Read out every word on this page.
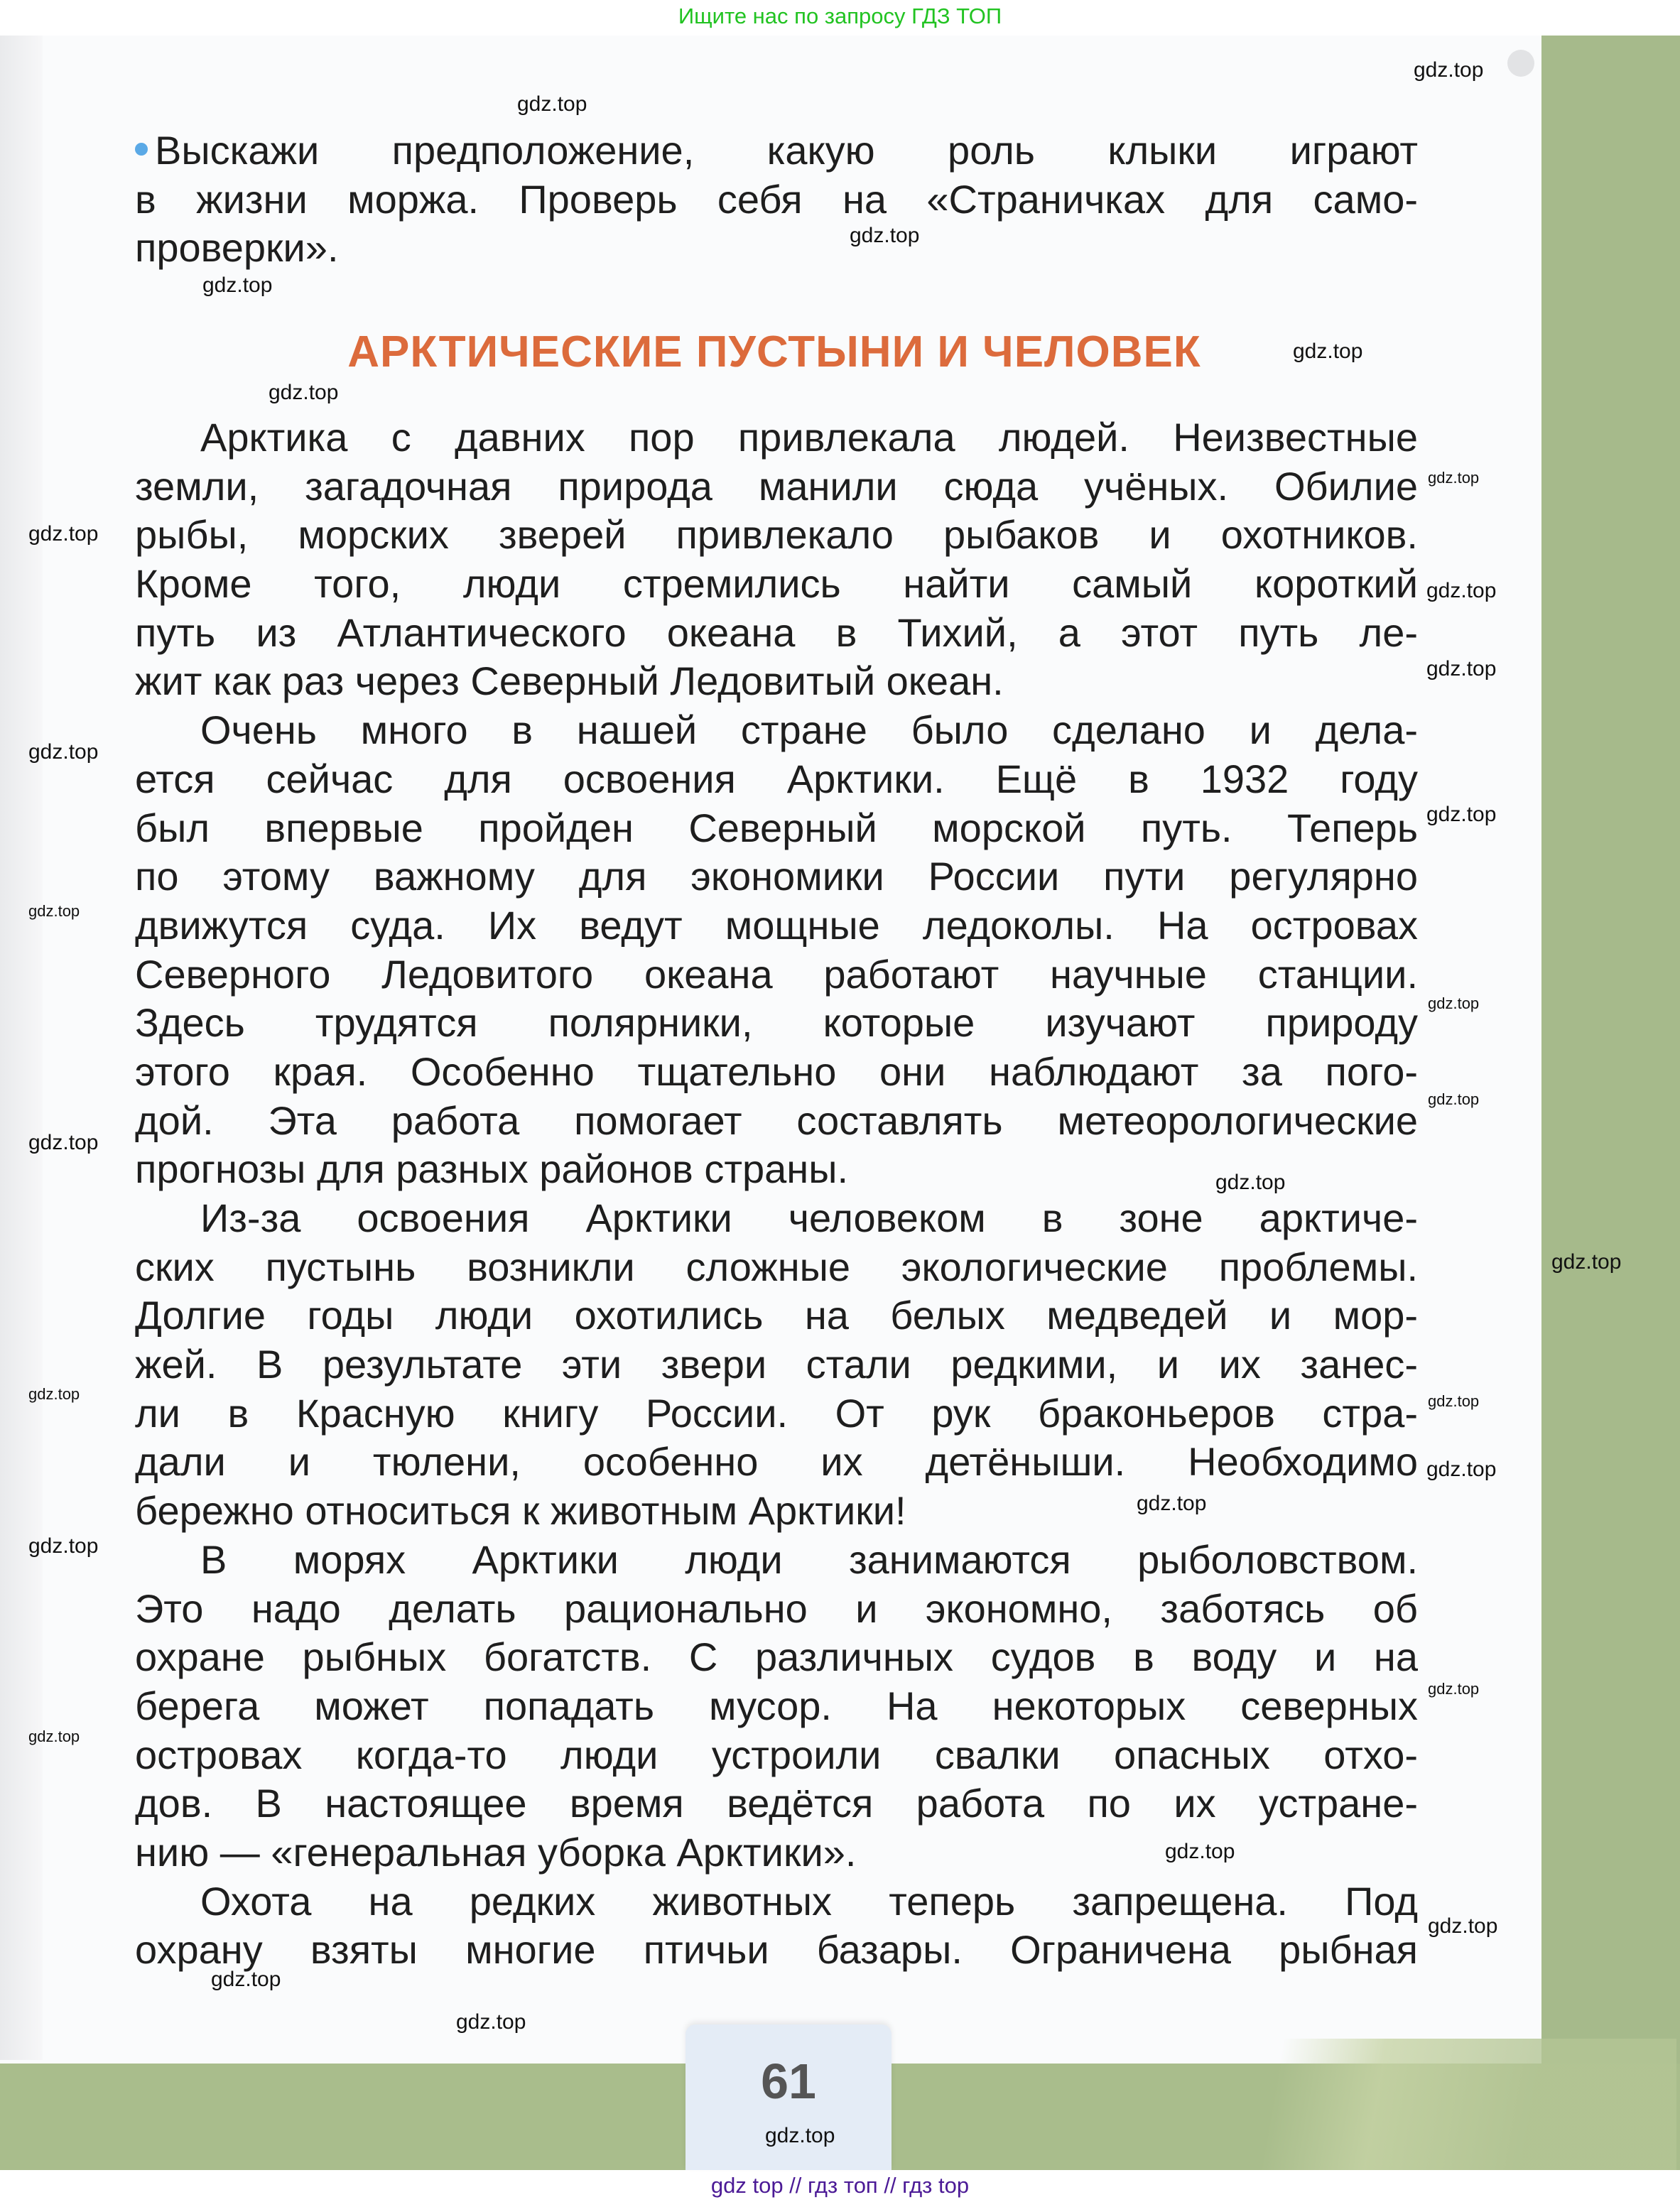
Ищите нас по запросу ГДЗ ТОП
Выскажи предположение, какую роль клыки играют
в жизни моржа. Проверь себя на «Страничках для само-
проверки».
АРКТИЧЕСКИЕ ПУСТЫНИ И ЧЕЛОВЕК
Арктика с давних пор привлекала людей. Неизвестные
земли, загадочная природа манили сюда учёных. Обилие
рыбы, морских зверей привлекало рыбаков и охотников.
Кроме того, люди стремились найти самый короткий
путь из Атлантического океана в Тихий, а этот путь ле-
жит как раз через Северный Ледовитый океан.
Очень много в нашей стране было сделано и дела-
ется сейчас для освоения Арктики. Ещё в 1932 году
был впервые пройден Северный морской путь. Теперь
по этому важному для экономики России пути регулярно
движутся суда. Их ведут мощные ледоколы. На островах
Северного Ледовитого океана работают научные станции.
Здесь трудятся полярники, которые изучают природу
этого края. Особенно тщательно они наблюдают за пого-
дой. Эта работа помогает составлять метеорологические
прогнозы для разных районов страны.
Из-за освоения Арктики человеком в зоне арктиче-
ских пустынь возникли сложные экологические проблемы.
Долгие годы люди охотились на белых медведей и мор-
жей. В результате эти звери стали редкими, и их занес-
ли в Красную книгу России. От рук браконьеров стра-
дали и тюлени, особенно их детёныши. Необходимо
бережно относиться к животным Арктики!
В морях Арктики люди занимаются рыболовством.
Это надо делать рационально и экономно, заботясь об
охране рыбных богатств. С различных судов в воду и на
берега может попадать мусор. На некоторых северных
островах когда-то люди устроили свалки опасных отхо-
дов. В настоящее время ведётся работа по их устране-
нию — «генеральная уборка Арктики».
Охота на редких животных теперь запрещена. Под
охрану взяты многие птичьи базары. Ограничена рыбная
61
gdz top // гдз топ // гдз top
gdz.top
gdz.top
gdz.top
gdz.top
gdz.top
gdz.top
gdz.top
gdz.top
gdz.top
gdz.top
gdz.top
gdz.top
gdz.top
gdz.top
gdz.top
gdz.top
gdz.top
gdz.top
gdz.top	gdz.top
gdz.top
gdz.top
gdz.top
gdz.top
gdz.top
gdz.top
gdz.top
gdz.top
gdz.top
gdz.top
